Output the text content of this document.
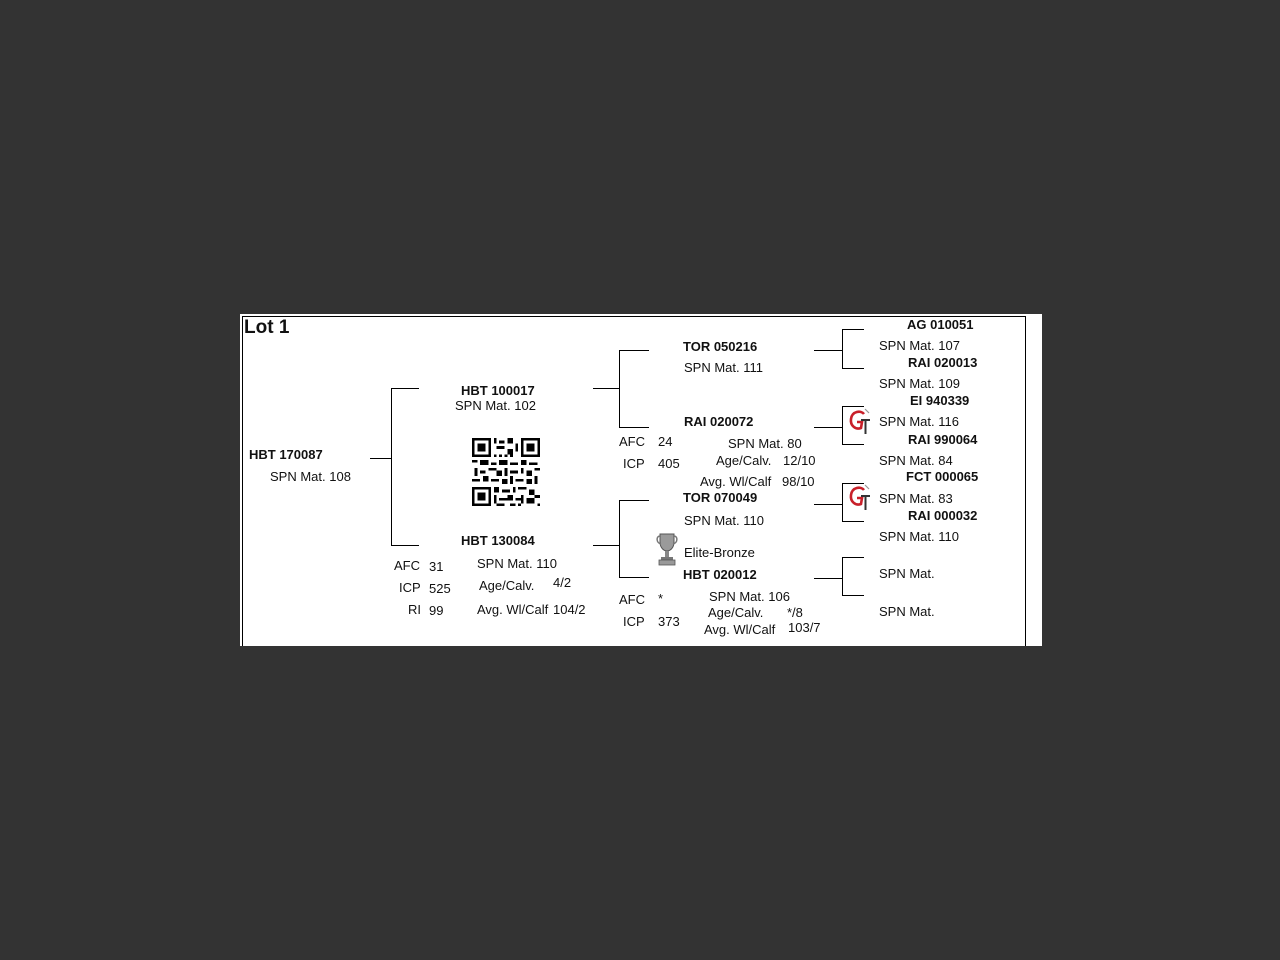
Lot 1
HBT 170087
SPN Mat. 108
HBT 100017
SPN Mat. 102
HBT 130084
SPN Mat. 110
AFC 31
ICP 525
RI 99
Age/Calv. 4/2
Avg. Wl/Calf 104/2
TOR 050216
SPN Mat. 111
RAI 020072
AFC 24
ICP 405
SPN Mat. 80
Age/Calv. 12/10
Avg. Wl/Calf 98/10
TOR 070049
SPN Mat. 110
Elite-Bronze
HBT 020012
AFC *
ICP 373
SPN Mat. 106
Age/Calv. */8
Avg. Wl/Calf 103/7
AG 010051
SPN Mat. 107
RAI 020013
SPN Mat. 109
EI 940339
SPN Mat. 116
RAI 990064
SPN Mat. 84
FCT 000065
SPN Mat. 83
RAI 000032
SPN Mat. 110
SPN Mat.
SPN Mat.
